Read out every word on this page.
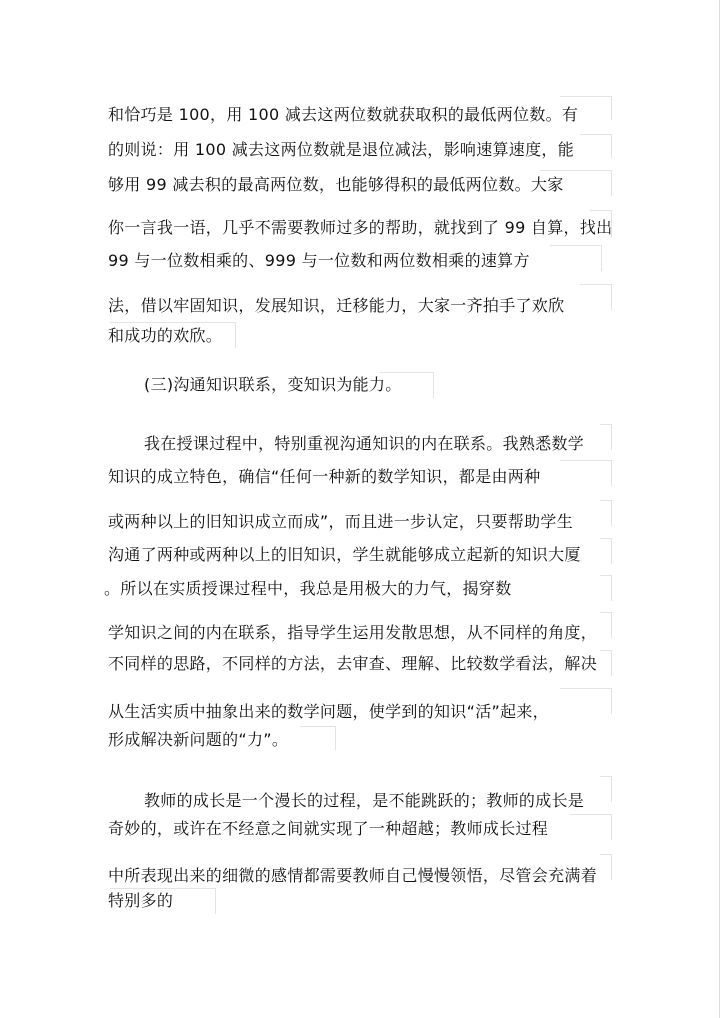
和恰巧是 100，用 100 减去这两位数就获取积的最低两位数。有
的则说：用 100 减去这两位数就是退位减法，影响速算速度，能
够用 99 减去积的最高两位数，也能够得积的最低两位数。大家
你一言我一语，几乎不需要教师过多的帮助，就找到了 99 自算，找出
99 与一位数相乘的、999 与一位数和两位数相乘的速算方
法，借以牢固知识，发展知识，迁移能力，大家一齐拍手了欢欣
和成功的欢欣。
(三)沟通知识联系，变知识为能力。
我在授课过程中，特别重视沟通知识的内在联系。我熟悉数学
知识的成立特色，确信“任何一种新的数学知识，都是由两种
或两种以上的旧知识成立而成”，而且进一步认定，只要帮助学生
沟通了两种或两种以上的旧知识，学生就能够成立起新的知识大厦
。所以在实质授课过程中，我总是用极大的力气，揭穿数
学知识之间的内在联系，指导学生运用发散思想，从不同样的角度，
不同样的思路，不同样的方法，去审查、理解、比较数学看法，解决
从生活实质中抽象出来的数学问题，使学到的知识“活”起来，
形成解决新问题的“力”。
教师的成长是一个漫长的过程，是不能跳跃的；教师的成长是
奇妙的，或许在不经意之间就实现了一种超越；教师成长过程
中所表现出来的细微的感情都需要教师自己慢慢领悟，尽管会充满着
特别多的
